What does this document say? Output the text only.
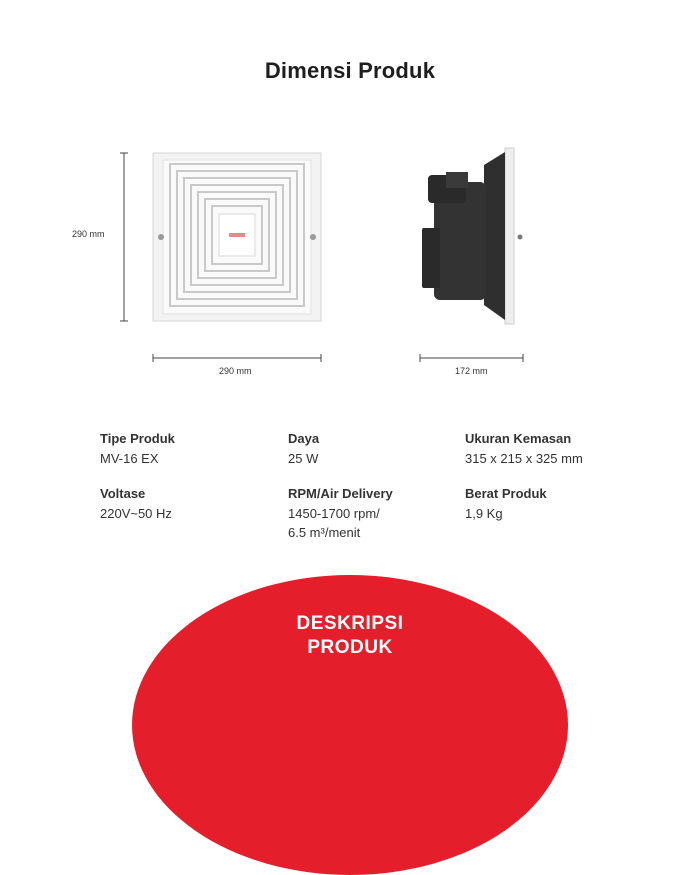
Dimensi Produk
290 mm
290 mm	172 mm
Tipe Produk
MV-16 EX
Daya
25 W
Ukuran Kemasan
315 x 215 x 325 mm
Voltase
220V~50 Hz
RPM/Air Delivery
1450-1700 rpm/
6.5 m³/menit
Berat Produk
1,9 Kg
DESKRIPSI
PRODUK
